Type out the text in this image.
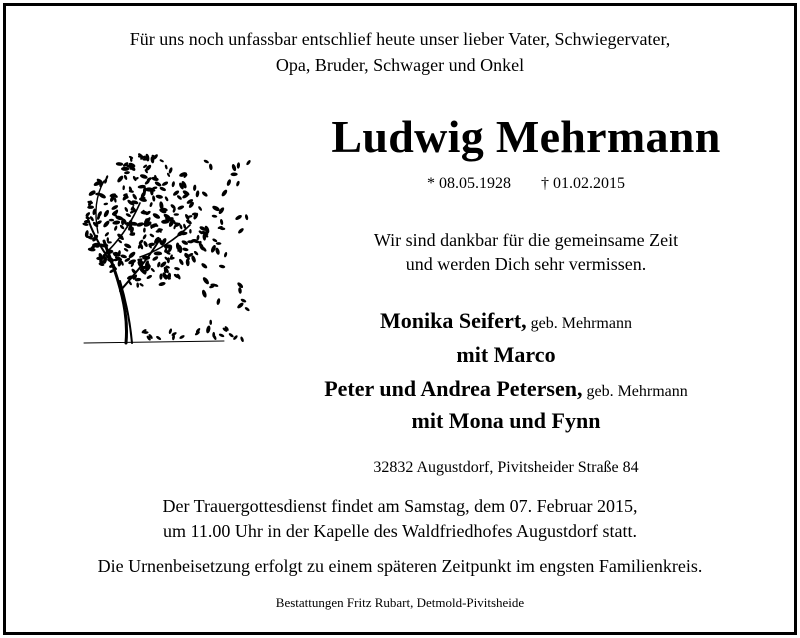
Für uns noch unfassbar entschlief heute unser lieber Vater, Schwiegervater,
Opa, Bruder, Schwager und Onkel
Ludwig Mehrmann
* 08.05.1928 † 01.02.2015
Wir sind dankbar für die gemeinsame Zeit
und werden Dich sehr vermissen.
Monika Seifert, geb. Mehrmann
mit Marco
Peter und Andrea Petersen, geb. Mehrmann
mit Mona und Fynn
32832 Augustdorf, Pivitsheider Straße 84
Der Trauergottesdienst findet am Samstag, dem 07. Februar 2015,
um 11.00 Uhr in der Kapelle des Waldfriedhofes Augustdorf statt.
Die Urnenbeisetzung erfolgt zu einem späteren Zeitpunkt im engsten Familienkreis.
Bestattungen Fritz Rubart, Detmold-Pivitsheide
